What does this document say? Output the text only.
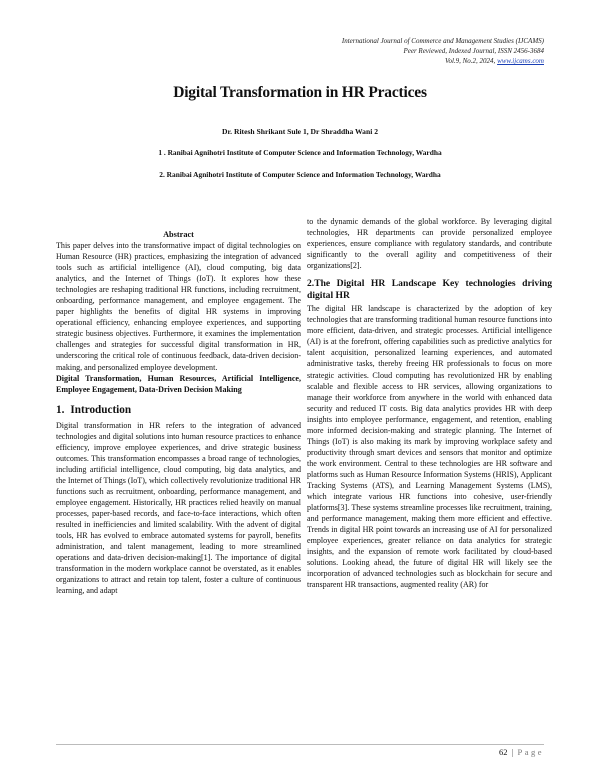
International Journal of Commerce and Management Studies (IJCAMS)
Peer Reviewed, Indexed Journal, ISSN 2456-3684
Vol.9, No.2, 2024, www.ijcams.com
Digital Transformation in HR Practices
Dr. Ritesh Shrikant Sule 1, Dr Shraddha Wani 2
1 . Ranibai Agnihotri Institute of Computer Science and Information Technology, Wardha
2. Ranibai Agnihotri Institute of Computer Science and Information Technology, Wardha
Abstract

This paper delves into the transformative impact of digital technologies on Human Resource (HR) practices, emphasizing the integration of advanced tools such as artificial intelligence (AI), cloud computing, big data analytics, and the Internet of Things (IoT). It explores how these technologies are reshaping traditional HR functions, including recruitment, onboarding, performance management, and employee engagement. The paper highlights the benefits of digital HR systems in improving operational efficiency, enhancing employee experiences, and supporting strategic business objectives. Furthermore, it examines the implementation challenges and strategies for successful digital transformation in HR, underscoring the critical role of continuous feedback, data-driven decision-making, and personalized employee development.

Digital Transformation, Human Resources, Artificial Intelligence, Employee Engagement, Data-Driven Decision Making

1. Introduction

Digital transformation in HR refers to the integration of advanced technologies and digital solutions into human resource practices to enhance efficiency, improve employee experiences, and drive strategic business outcomes. This transformation encompasses a broad range of technologies, including artificial intelligence, cloud computing, big data analytics, and the Internet of Things (IoT), which collectively revolutionize traditional HR functions such as recruitment, onboarding, performance management, and employee engagement. Historically, HR practices relied heavily on manual processes, paper-based records, and face-to-face interactions, which often resulted in inefficiencies and limited scalability. With the advent of digital tools, HR has evolved to embrace automated systems for payroll, benefits administration, and talent management, leading to more streamlined operations and data-driven decision-making[1]. The importance of digital transformation in the modern workplace cannot be overstated, as it enables organizations to attract and retain top talent, foster a culture of continuous learning, and adapt

to the dynamic demands of the global workforce. By leveraging digital technologies, HR departments can provide personalized employee experiences, ensure compliance with regulatory standards, and contribute significantly to the overall agility and competitiveness of their organizations[2].

2.The Digital HR Landscape Key technologies driving digital HR

The digital HR landscape is characterized by the adoption of key technologies that are transforming traditional human resource functions into more efficient, data-driven, and strategic processes. Artificial intelligence (AI) is at the forefront, offering capabilities such as predictive analytics for talent acquisition, personalized learning experiences, and automated administrative tasks, thereby freeing HR professionals to focus on more strategic activities. Cloud computing has revolutionized HR by enabling scalable and flexible access to HR services, allowing organizations to manage their workforce from anywhere in the world with enhanced data security and reduced IT costs. Big data analytics provides HR with deep insights into employee performance, engagement, and retention, enabling more informed decision-making and strategic planning. The Internet of Things (IoT) is also making its mark by improving workplace safety and productivity through smart devices and sensors that monitor and optimize the work environment. Central to these technologies are HR software and platforms such as Human Resource Information Systems (HRIS), Applicant Tracking Systems (ATS), and Learning Management Systems (LMS), which integrate various HR functions into cohesive, user-friendly platforms[3]. These systems streamline processes like recruitment, training, and performance management, making them more efficient and effective. Trends in digital HR point towards an increasing use of AI for personalized employee experiences, greater reliance on data analytics for strategic insights, and the expansion of remote work facilitated by cloud-based solutions. Looking ahead, the future of digital HR will likely see the incorporation of advanced technologies such as blockchain for secure and transparent HR transactions, augmented reality (AR) for

62 | Page
